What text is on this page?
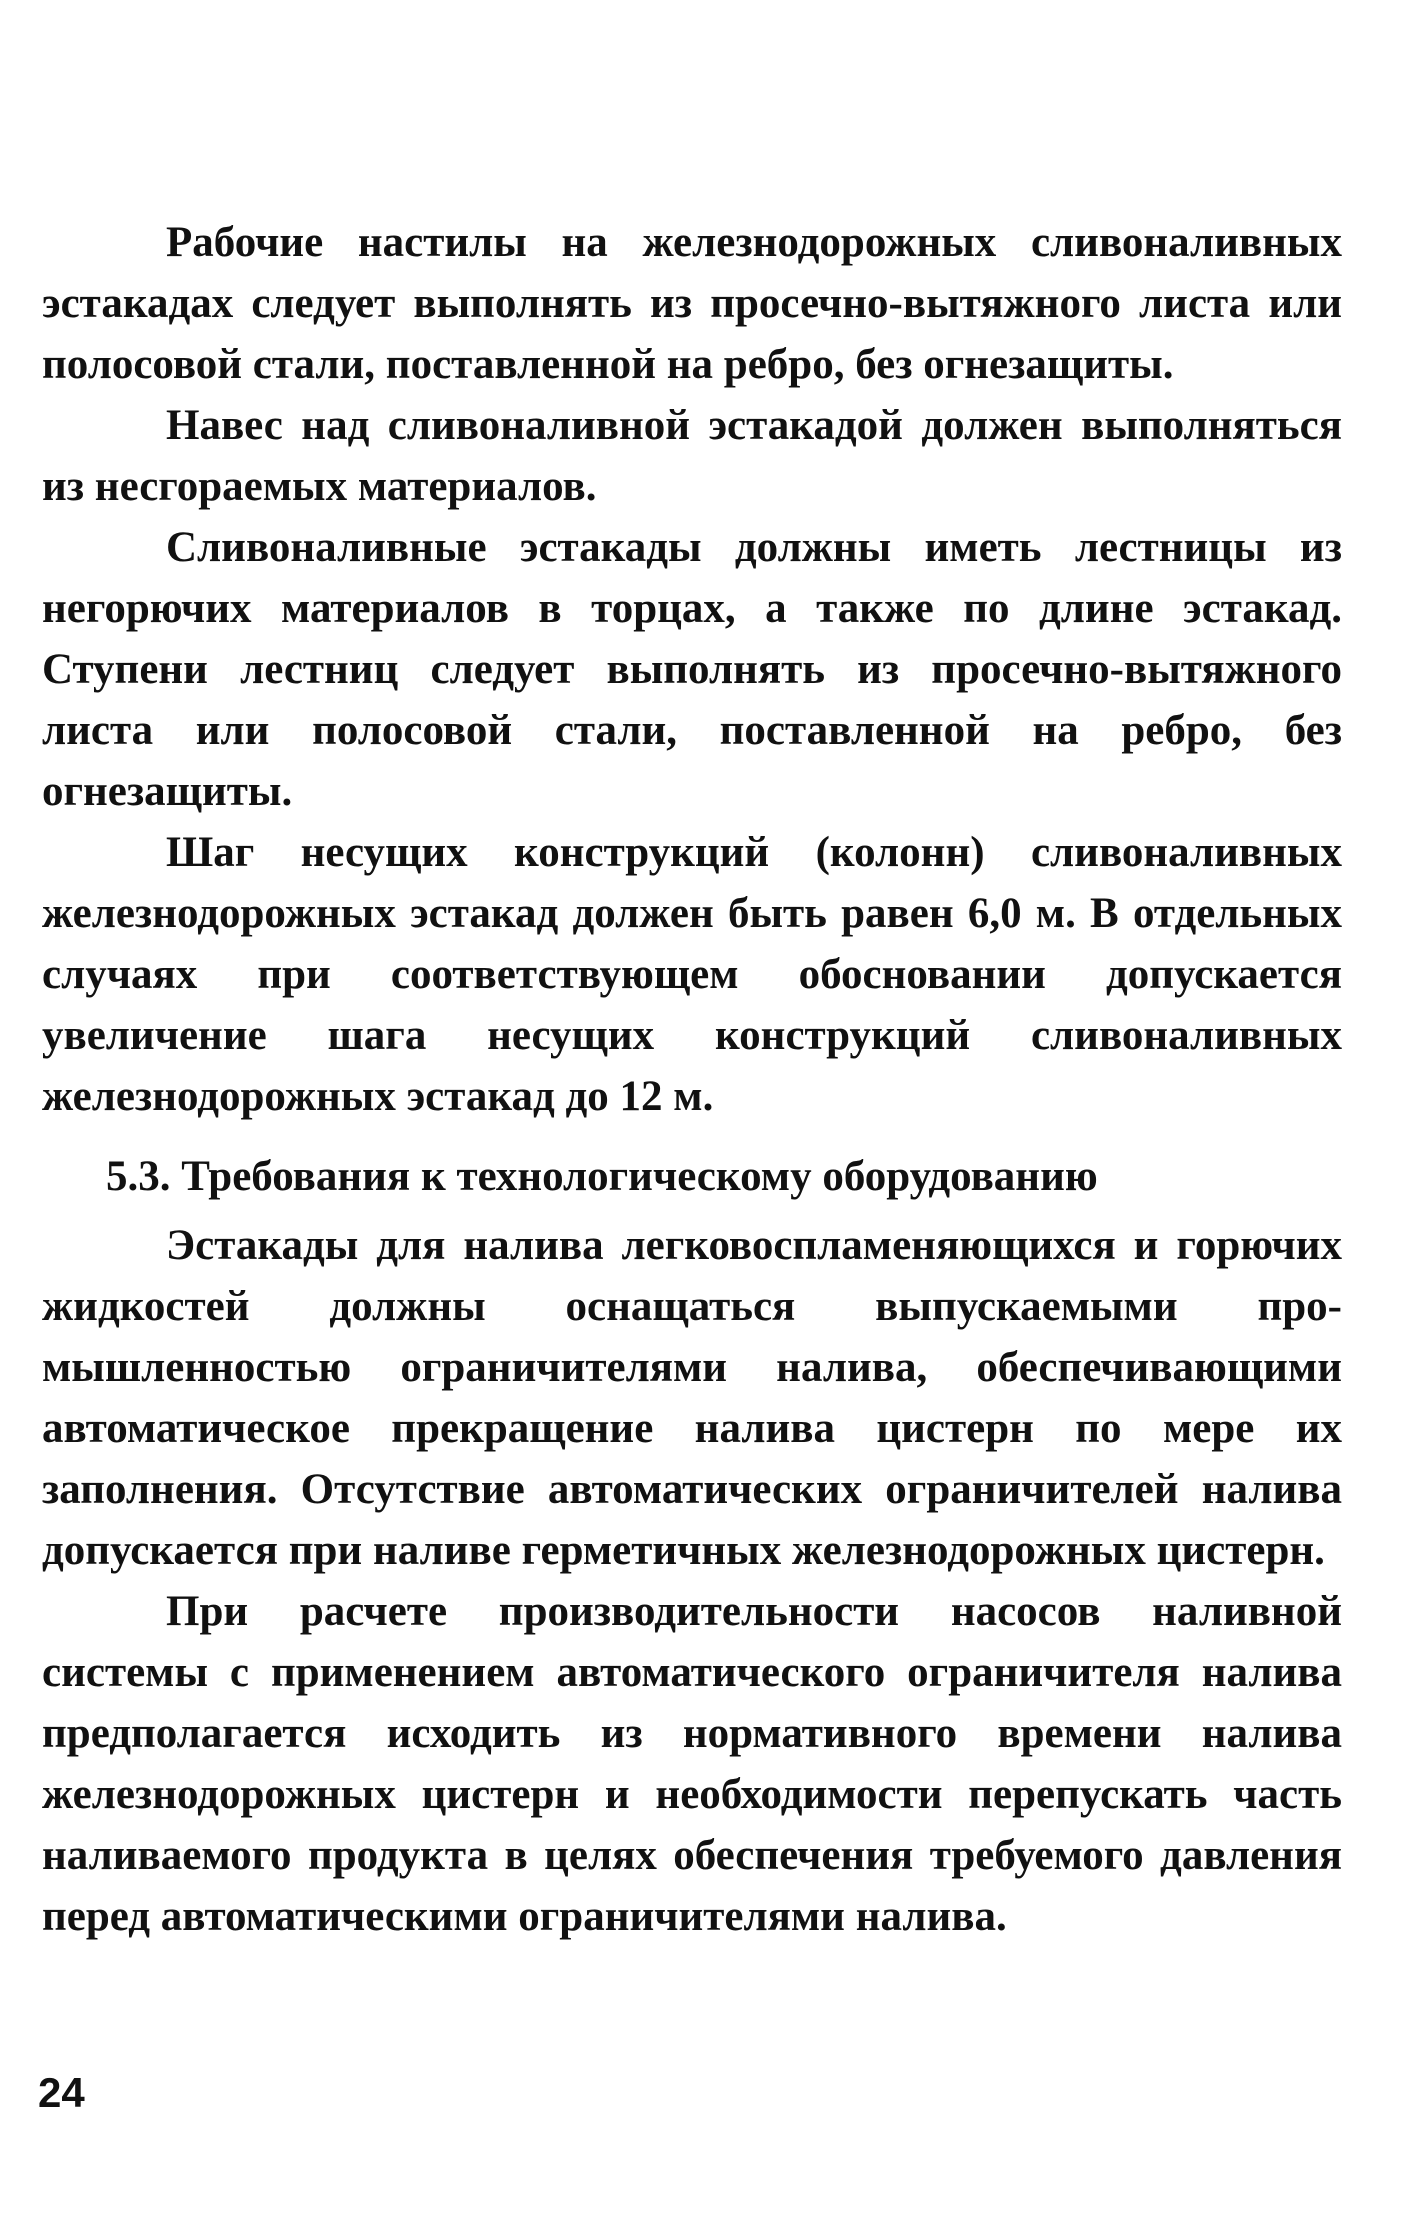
Рабочие настилы на железнодорожных сливоналивных эстакадах следует выполнять из просечно-вытяжного листа или полосовой стали, поставленной на ребро, без огнезащиты.

Навес над сливоналивной эстакадой должен выполняться из несгораемых материалов.

Сливоналивные эстакады должны иметь лестницы из негорючих материалов в торцах, а также по длине эстакад. Ступени лестниц следует выполнять из просечно-вытяжного листа или полосовой стали, поставленной на ребро, без огнезащиты.

Шаг несущих конструкций (колонн) сливоналивных железнодорожных эстакад должен быть равен 6,0 м. В отдельных случаях при соответствующем обосновании допускается увеличение шага несущих конструкций сливоналивных железнодорожных эстакад до 12 м.

5.3. Требования к технологическому оборудованию

Эстакады для налива легковоспламеняющихся и горючих жидкостей должны оснащаться выпускаемыми промышленностью ограничителями налива, обеспечивающими автоматическое прекращение налива цистерн по мере их заполнения. Отсутствие автоматических ограничителей налива допускается при наливе герметичных железнодорожных цистерн.

При расчете производительности насосов наливной системы с применением автоматического ограничителя налива предполагается исходить из нормативного времени налива железнодорожных цистерн и необходимости перепускать часть наливаемого продукта в целях обеспечения требуемого давления перед автоматическими ограничителями налива.

24
